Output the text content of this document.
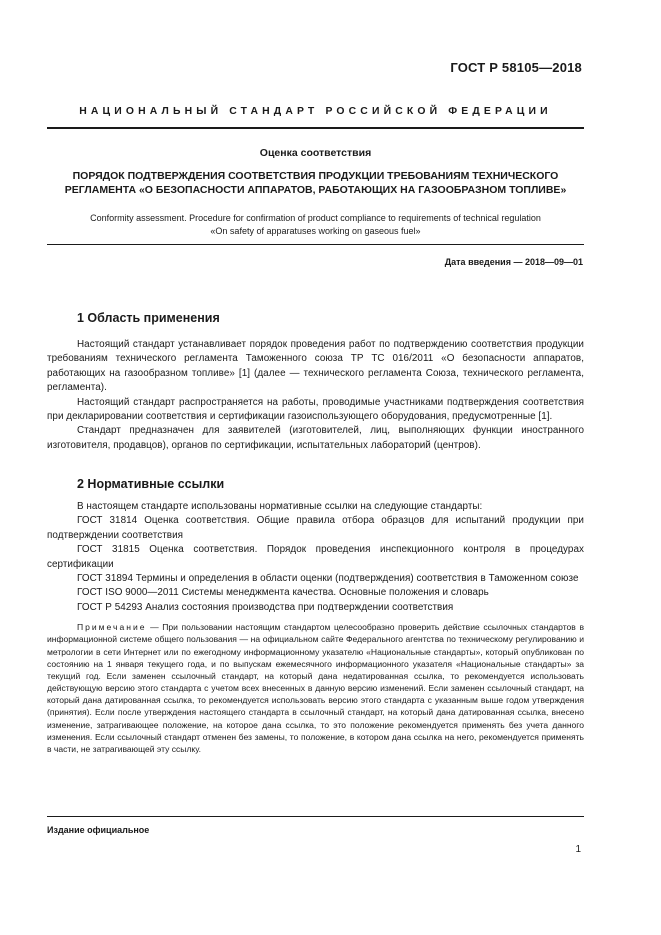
ГОСТ Р 58105—2018
НАЦИОНАЛЬНЫЙ СТАНДАРТ РОССИЙСКОЙ ФЕДЕРАЦИИ
Оценка соответствия
ПОРЯДОК ПОДТВЕРЖДЕНИЯ СООТВЕТСТВИЯ ПРОДУКЦИИ ТРЕБОВАНИЯМ ТЕХНИЧЕСКОГО
РЕГЛАМЕНТА «О БЕЗОПАСНОСТИ АППАРАТОВ, РАБОТАЮЩИХ НА ГАЗООБРАЗНОМ ТОПЛИВЕ»
Conformity assessment. Procedure for confirmation of product compliance to requirements of technical regulation
«On safety of apparatuses working on gaseous fuel»
Дата введения — 2018—09—01
1 Область применения

Настоящий стандарт устанавливает порядок проведения работ по подтверждению соответствия продукции требованиям технического регламента Таможенного союза ТР ТС 016/2011 «О безопасности аппаратов, работающих на газообразном топливе» [1] (далее — технического регламента Союза, технического регламента, регламента).

Настоящий стандарт распространяется на работы, проводимые участниками подтверждения соответствия при декларировании соответствия и сертификации газоиспользующего оборудования, предусмотренные [1].

Стандарт предназначен для заявителей (изготовителей, лиц, выполняющих функции иностранного изготовителя, продавцов), органов по сертификации, испытательных лабораторий (центров).

2 Нормативные ссылки

В настоящем стандарте использованы нормативные ссылки на следующие стандарты:

ГОСТ 31814 Оценка соответствия. Общие правила отбора образцов для испытаний продукции при подтверждении соответствия

ГОСТ 31815 Оценка соответствия. Порядок проведения инспекционного контроля в процедурах сертификации

ГОСТ 31894 Термины и определения в области оценки (подтверждения) соответствия в Таможенном союзе

ГОСТ ISO 9000—2011 Системы менеджмента качества. Основные положения и словарь

ГОСТ Р 54293 Анализ состояния производства при подтверждении соответствия

Примечание — При пользовании настоящим стандартом целесообразно проверить действие ссылочных стандартов в информационной системе общего пользования — на официальном сайте Федерального агентства по техническому регулированию и метрологии в сети Интернет или по ежегодному информационному указателю «Национальные стандарты», который опубликован по состоянию на 1 января текущего года, и по выпускам ежемесячного информационного указателя «Национальные стандарты» за текущий год. Если заменен ссылочный стандарт, на который дана недатированная ссылка, то рекомендуется использовать действующую версию этого стандарта с учетом всех внесенных в данную версию изменений. Если заменен ссылочный стандарт, на который дана датированная ссылка, то рекомендуется использовать версию этого стандарта с указанным выше годом утверждения (принятия). Если после утверждения настоящего стандарта в ссылочный стандарт, на который дана датированная ссылка, внесено изменение, затрагивающее положение, на которое дана ссылка, то это положение рекомендуется применять без учета данного изменения. Если ссылочный стандарт отменен без замены, то положение, в котором дана ссылка на него, рекомендуется применять в части, не затрагивающей эту ссылку.

Издание официальное
1
